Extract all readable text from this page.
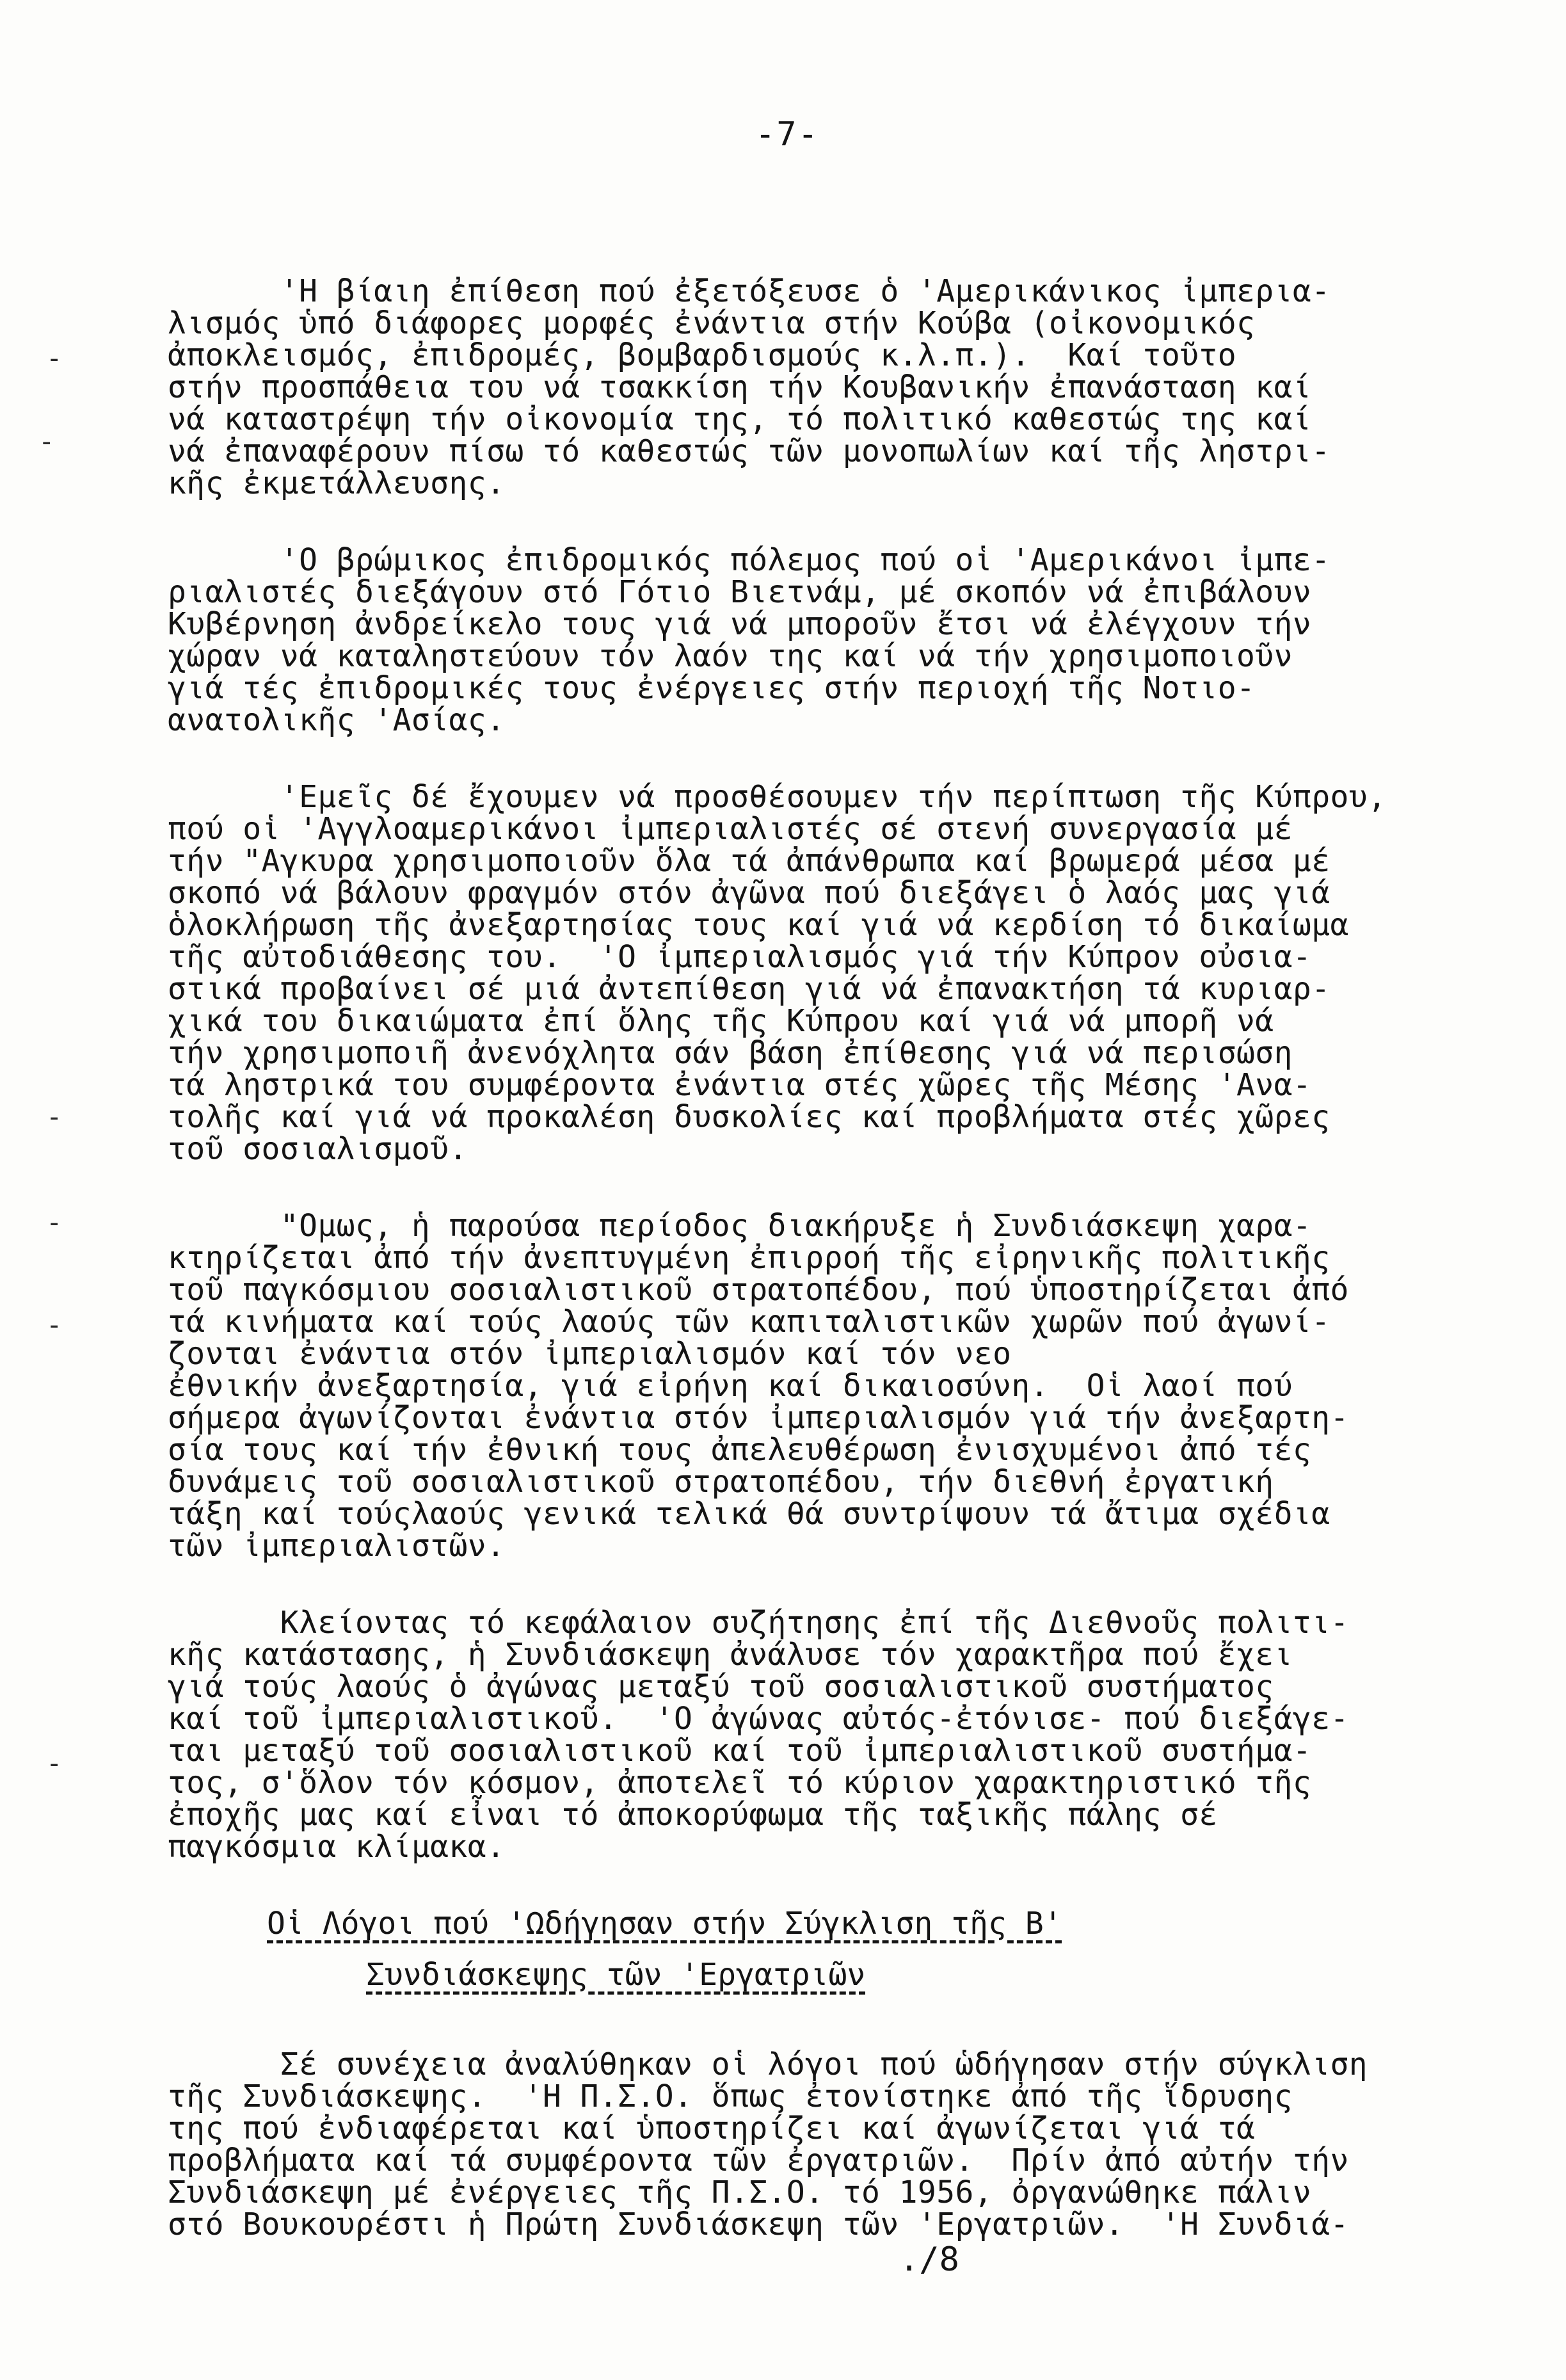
-7-
-
-
-
-
-
-
'Η βίαιη ἐπίθεση πού ἐξετόξευσε ὁ 'Αμερικάνικος ἰμπερια-
λισμός ὑπό διάφορες μορφές ἐνάντια στήν Κούβα (οἰκονομικός
ἀποκλεισμός, ἐπιδρομές, βομβαρδισμούς κ.λ.π.).  Καί τοῦτο
στήν προσπάθεια του νά τσακκίση τήν Κουβανικήν ἐπανάσταση καί
νά καταστρέψη τήν οἰκονομία της, τό πολιτικό καθεστώς της καί
νά ἐπαναφέρουν πίσω τό καθεστώς τῶν μονοπωλίων καί τῆς ληστρι-
κῆς ἐκμετάλλευσης.
'Ο βρώμικος ἐπιδρομικός πόλεμος πού οἱ 'Αμερικάνοι ἰμπε-
ριαλιστές διεξάγουν στό Γότιο Βιετνάμ, μέ σκοπόν νά ἐπιβάλουν
Κυβέρνηση ἀνδρείκελο τους γιά νά μποροῦν ἔτσι νά ἐλέγχουν τήν
χώραν νά καταληστεύουν τόν λαόν της καί νά τήν χρησιμοποιοῦν
γιά τές ἐπιδρομικές τους ἐνέργειες στήν περιοχή τῆς Νοτιο-
ανατολικῆς 'Ασίας.
'Εμεῖς δέ ἔχουμεν νά προσθέσουμεν τήν περίπτωση τῆς Κύπρου,
πού οἱ 'Αγγλοαμερικάνοι ἰμπεριαλιστές σέ στενή συνεργασία μέ
τήν "Αγκυρα χρησιμοποιοῦν ὅλα τά ἀπάνθρωπα καί βρωμερά μέσα μέ
σκοπό νά βάλουν φραγμόν στόν ἀγῶνα πού διεξάγει ὁ λαός μας γιά
ὁλοκλήρωση τῆς ἀνεξαρτησίας τους καί γιά νά κερδίση τό δικαίωμα
τῆς αὐτοδιάθεσης του.  'Ο ἰμπεριαλισμός γιά τήν Κύπρον οὐσια-
στικά προβαίνει σέ μιά ἀντεπίθεση γιά νά ἐπανακτήση τά κυριαρ-
χικά του δικαιώματα ἐπί ὅλης τῆς Κύπρου καί γιά νά μπορῆ νά
τήν χρησιμοποιῆ ἀνενόχλητα σάν βάση ἐπίθεσης γιά νά περισώση
τά ληστρικά του συμφέροντα ἐνάντια στές χῶρες τῆς Μέσης 'Ανα-
τολῆς καί γιά νά προκαλέση δυσκολίες καί προβλήματα στές χῶρες
τοῦ σοσιαλισμοῦ.
"Ομως, ἡ παρούσα περίοδος διακήρυξε ἡ Συνδιάσκεψη χαρα-
κτηρίζεται ἀπό τήν ἀνεπτυγμένη ἐπιρροή τῆς εἰρηνικῆς πολιτικῆς
τοῦ παγκόσμιου σοσιαλιστικοῦ στρατοπέδου, πού ὑποστηρίζεται ἀπό
τά κινήματα καί τούς λαούς τῶν καπιταλιστικῶν χωρῶν πού ἀγωνί-
ζονται ἐνάντια στόν ἰμπεριαλισμόν καί τόν νεο
ἐθνικήν ἀνεξαρτησία, γιά εἰρήνη καί δικαιοσύνη.  Οἱ λαοί πού
σήμερα ἀγωνίζονται ἐνάντια στόν ἰμπεριαλισμόν γιά τήν ἀνεξαρτη-
σία τους καί τήν ἐθνική τους ἀπελευθέρωση ἐνισχυμένοι ἀπό τές
δυνάμεις τοῦ σοσιαλιστικοῦ στρατοπέδου, τήν διεθνή ἐργατική
τάξη καί τούςλαούς γενικά τελικά θά συντρίψουν τά ἄτιμα σχέδια
τῶν ἰμπεριαλιστῶν.
Κλείοντας τό κεφάλαιον συζήτησης ἐπί τῆς Διεθνοῦς πολιτι-
κῆς κατάστασης, ἡ Συνδιάσκεψη ἀνάλυσε τόν χαρακτῆρα πού ἔχει
γιά τούς λαούς ὁ ἀγώνας μεταξύ τοῦ σοσιαλιστικοῦ συστήματος
καί τοῦ ἰμπεριαλιστικοῦ.  'Ο ἀγώνας αὐτός-ἐτόνισε- πού διεξάγε-
ται μεταξύ τοῦ σοσιαλιστικοῦ καί τοῦ ἰμπεριαλιστικοῦ συστήμα-
τος, σ'ὅλον τόν κόσμον, ἀποτελεῖ τό κύριον χαρακτηριστικό τῆς
ἐποχῆς μας καί εἶναι τό ἀποκορύφωμα τῆς ταξικῆς πάλης σέ
παγκόσμια κλίμακα.
Οἱ Λόγοι πού 'Ωδήγησαν στήν Σύγκλιση τῆς Β'
Συνδιάσκεψης τῶν 'Εργατριῶν
Σέ συνέχεια ἀναλύθηκαν οἱ λόγοι πού ὡδήγησαν στήν σύγκλιση
τῆς Συνδιάσκεψης.  'Η Π.Σ.Ο. ὅπως ἐτονίστηκε ἀπό τῆς ἵδρυσης
της πού ἐνδιαφέρεται καί ὑποστηρίζει καί ἀγωνίζεται γιά τά
προβλήματα καί τά συμφέροντα τῶν ἐργατριῶν.  Πρίν ἀπό αὐτήν τήν
Συνδιάσκεψη μέ ἐνέργειες τῆς Π.Σ.Ο. τό 1956, ὀργανώθηκε πάλιν
στό Βουκουρέστι ἡ Πρώτη Συνδιάσκεψη τῶν 'Εργατριῶν.  'Η Συνδιά-
./8
